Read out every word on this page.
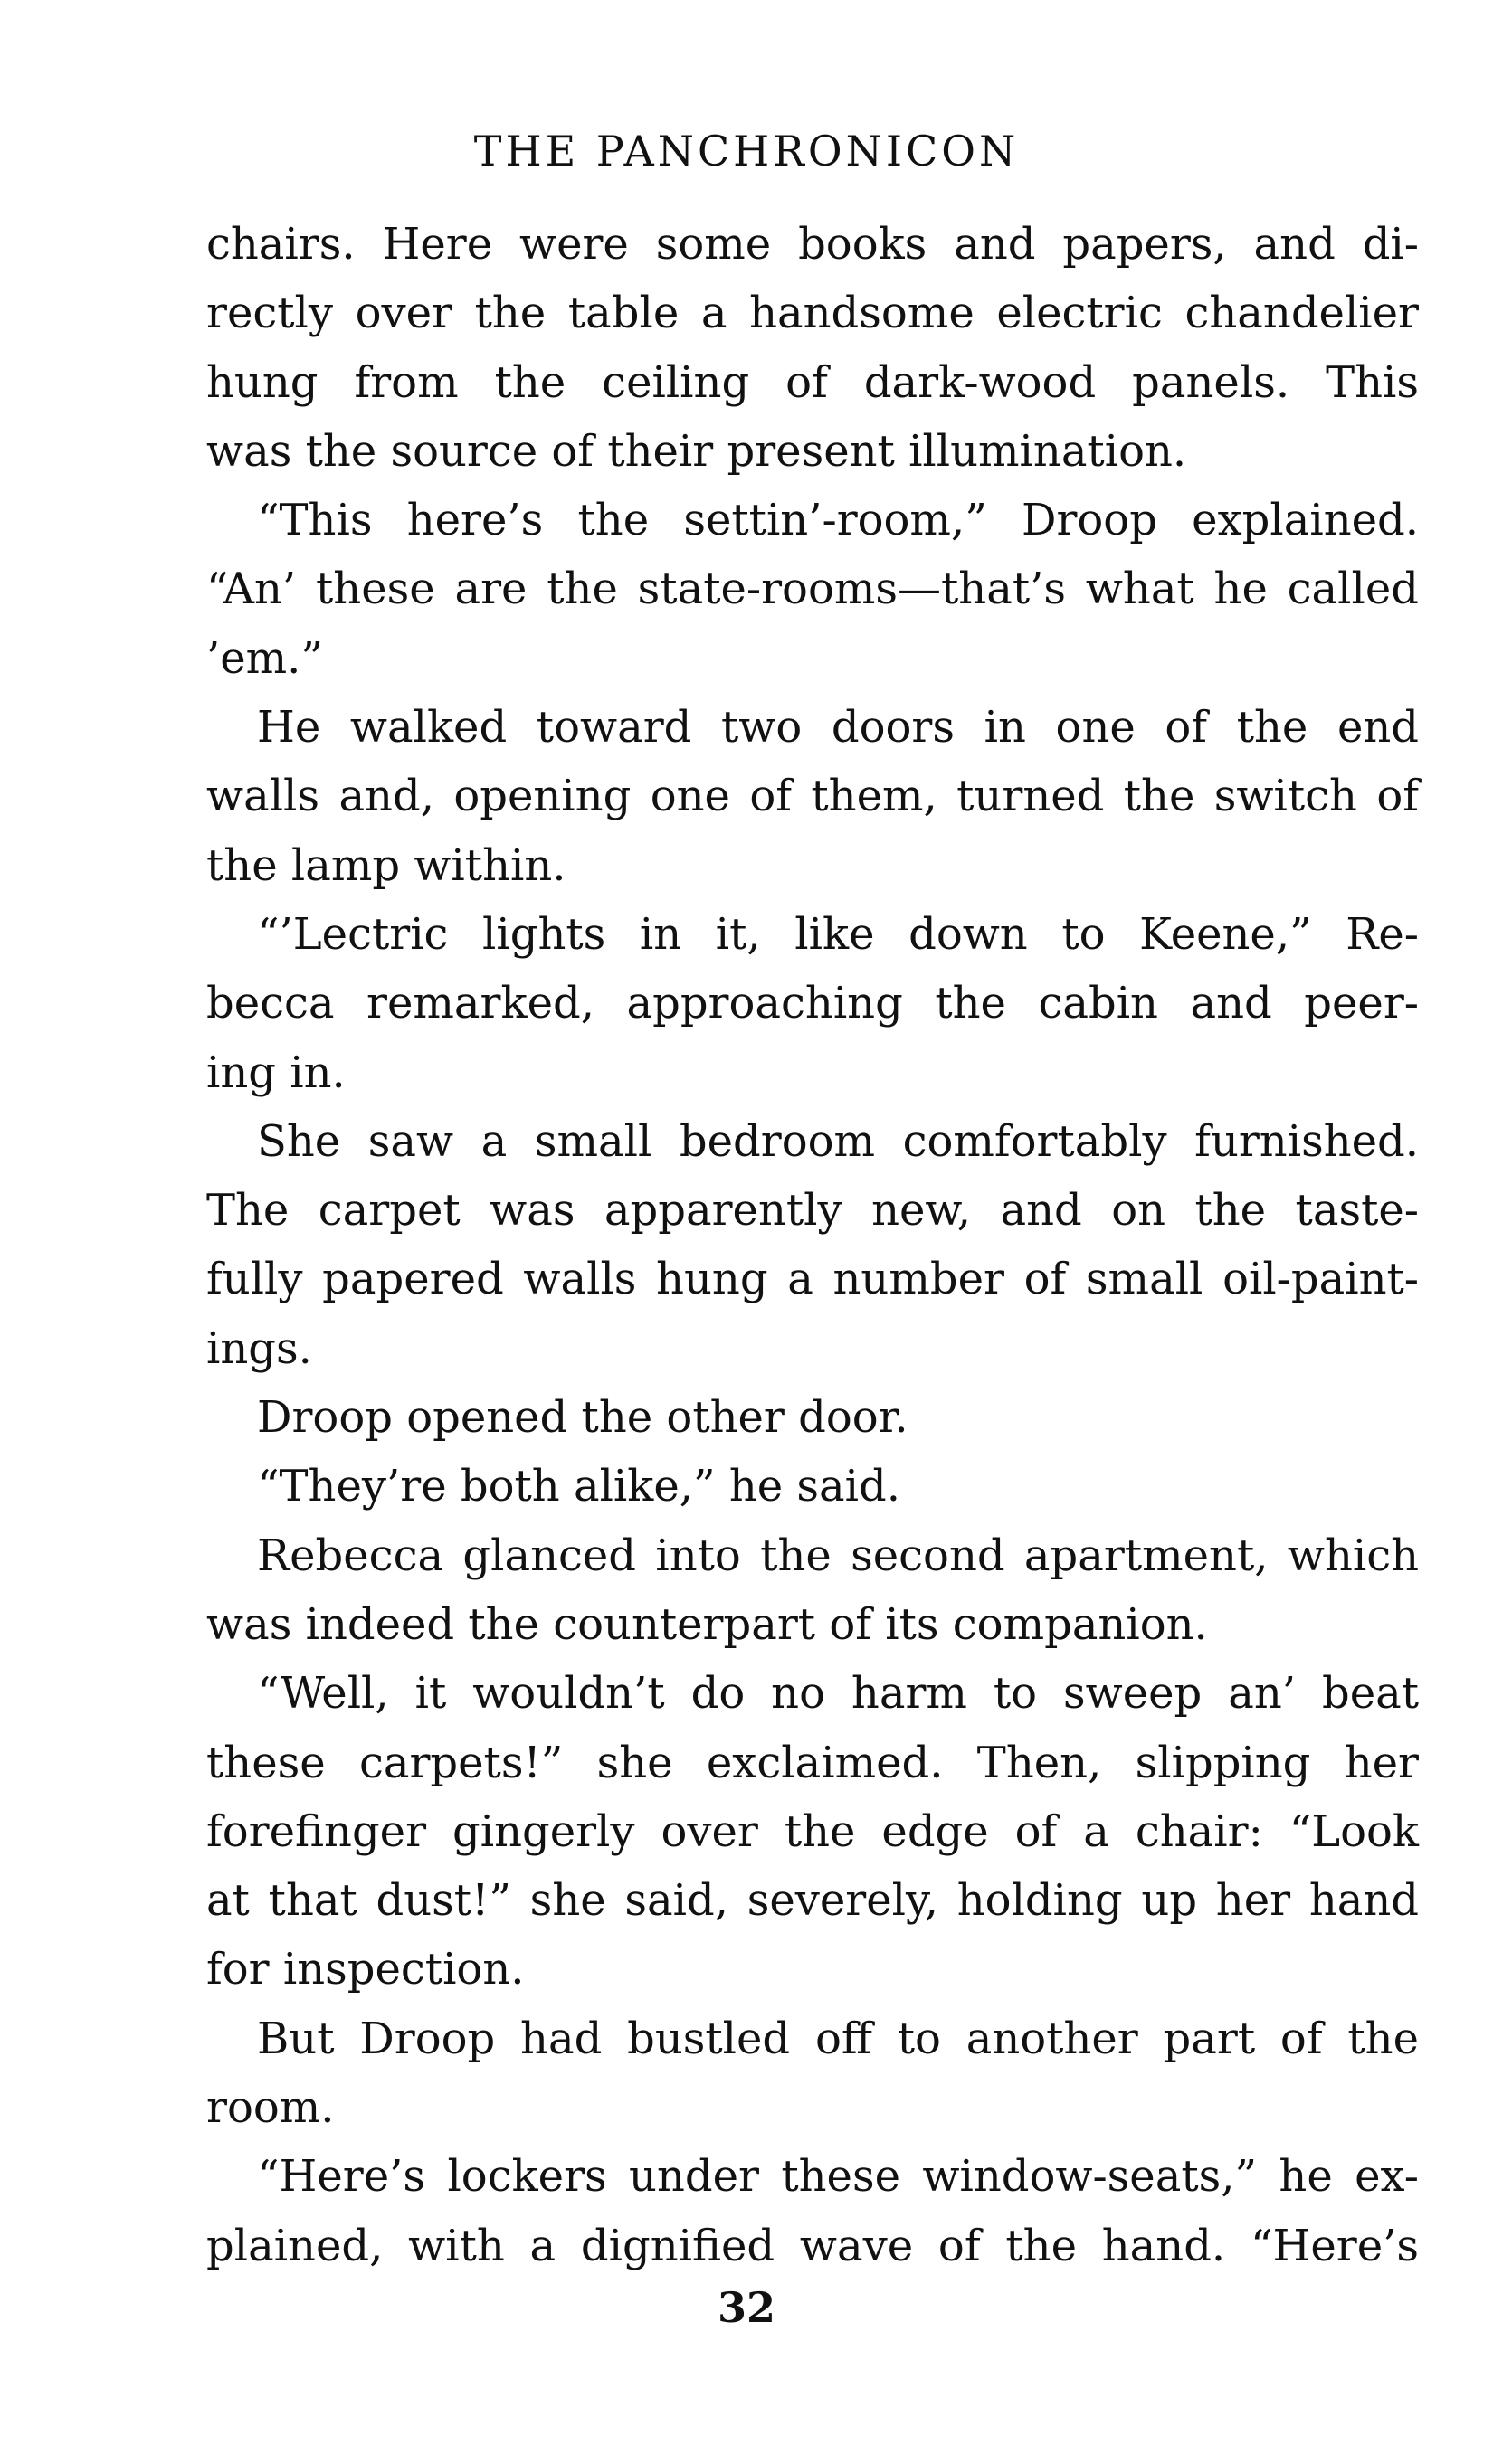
THE PANCHRONICON
chairs. Here were some books and papers, and di-
rectly over the table a handsome electric chandelier
hung from the ceiling of dark-wood panels. This
was the source of their present illumination.
“This here’s the settin’-room,” Droop explained.
“An’ these are the state-rooms—that’s what he called
’em.”
He walked toward two doors in one of the end
walls and, opening one of them, turned the switch of
the lamp within.
“’Lectric lights in it, like down to Keene,” Re-
becca remarked, approaching the cabin and peer-
ing in.
She saw a small bedroom comfortably furnished.
The carpet was apparently new, and on the taste-
fully papered walls hung a number of small oil-paint-
ings.
Droop opened the other door.
“They’re both alike,” he said.
Rebecca glanced into the second apartment, which
was indeed the counterpart of its companion.
“Well, it wouldn’t do no harm to sweep an’ beat
these carpets!” she exclaimed. Then, slipping her
forefinger gingerly over the edge of a chair: “Look
at that dust!” she said, severely, holding up her hand
for inspection.
But Droop had bustled off to another part of the
room.
“Here’s lockers under these window-seats,” he ex-
plained, with a dignified wave of the hand. “Here’s
32
